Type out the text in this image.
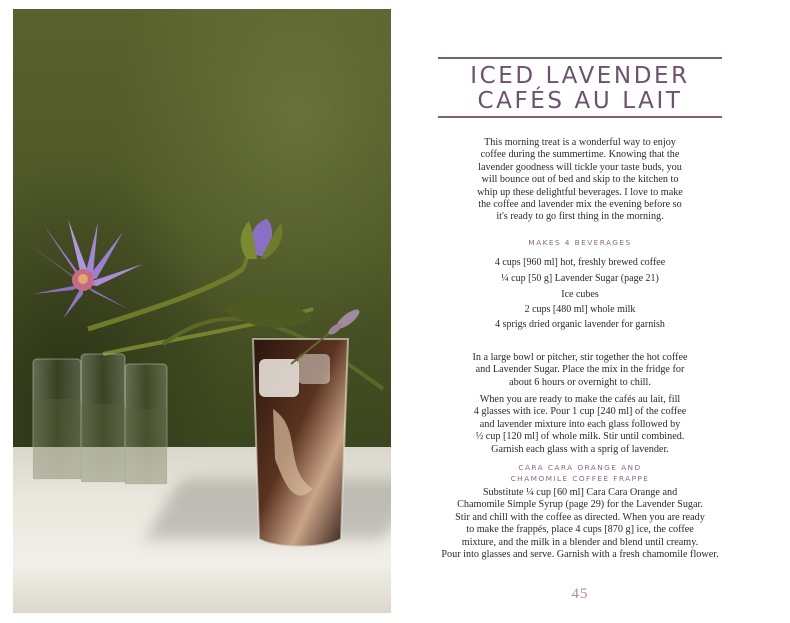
ICED LAVENDER
CAFÉS AU LAIT
This morning treat is a wonderful way to enjoy
coffee during the summertime. Knowing that the
lavender goodness will tickle your taste buds, you
will bounce out of bed and skip to the kitchen to
whip up these delightful beverages. I love to make
the coffee and lavender mix the evening before so
it's ready to go first thing in the morning.
MAKES 4 BEVERAGES
4 cups [960 ml] hot, freshly brewed coffee
¼ cup [50 g] Lavender Sugar (page 21)
Ice cubes
2 cups [480 ml] whole milk
4 sprigs dried organic lavender for garnish
In a large bowl or pitcher, stir together the hot coffee
and Lavender Sugar. Place the mix in the fridge for
about 6 hours or overnight to chill.
When you are ready to make the cafés au lait, fill
4 glasses with ice. Pour 1 cup [240 ml] of the coffee
and lavender mixture into each glass followed by
½ cup [120 ml] of whole milk. Stir until combined.
Garnish each glass with a sprig of lavender.
CARA CARA ORANGE AND
CHAMOMILE COFFEE FRAPPE
Substitute ¼ cup [60 ml] Cara Cara Orange and
Chamomile Simple Syrup (page 29) for the Lavender Sugar.
Stir and chill with the coffee as directed. When you are ready
to make the frappés, place 4 cups [870 g] ice, the coffee
mixture, and the milk in a blender and blend until creamy.
Pour into glasses and serve. Garnish with a fresh chamomile flower.
45
